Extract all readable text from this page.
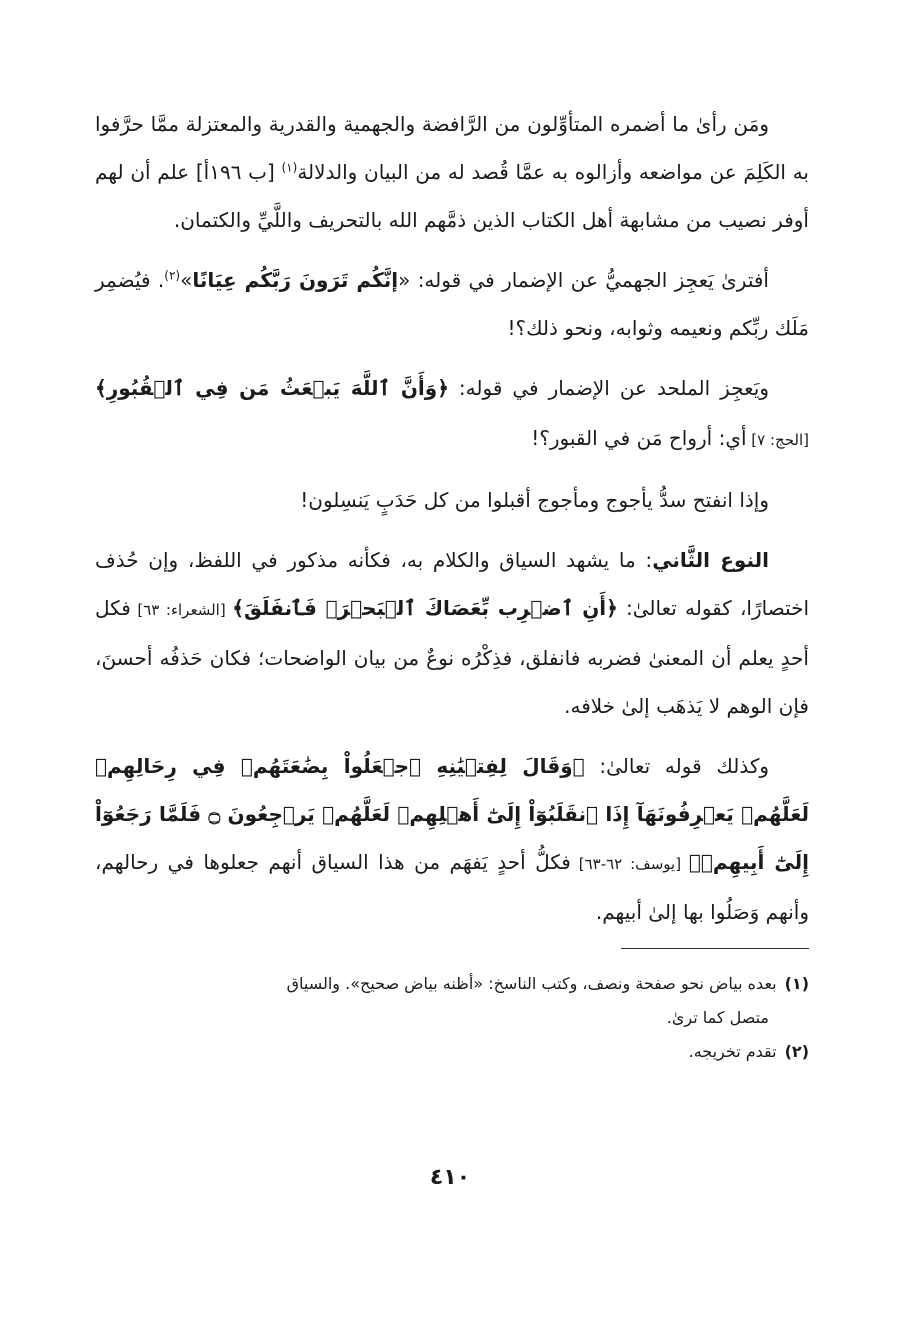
ومَن رأىٰ ما أضمره المتأوِّلون من الرَّافضة والجهمية والقدرية والمعتزلة ممَّا حرَّفوا به الكَلِمَ عن مواضعه وأزالوه به عمَّا قُصد له من البيان والدلالة$^{(١)}$ [ب ١٩٦أ] علم أن لهم أوفر نصيب من مشابهة أهل الكتاب الذين ذمَّهم الله بالتحريف واللَّيِّ والكتمان.

أفترىٰ يَعجِز الجهميُّ عن الإضمار في قوله: «إنَّكُم تَرَونَ رَبَّكُم عِيَانًا»$^{(٢)}$. فيُضمِر مَلَك ربِّكم ونعيمه وثوابه، ونحو ذلك؟!

ويَعجِز الملحد عن الإضمار في قوله: ﴿وَأَنَّ ٱللَّهَ يَبۡعَثُ مَن فِي ٱلۡقُبُورِ﴾ [الحج: ٧] أي: أرواح مَن في القبور؟!

وإذا انفتح سدُّ يأجوج ومأجوج أقبلوا من كل حَدَبٍ يَنسِلون!

النوع الثَّاني: ما يشهد السياق والكلام به، فكأنه مذكور في اللفظ، وإن حُذف اختصارًا، كقوله تعالىٰ: ﴿أَنِ ٱضۡرِب بِّعَصَاكَ ٱلۡبَحۡرَۖ فَٱنفَلَقَ﴾ [الشعراء: ٦٣] فكل أحدٍ يعلم أن المعنىٰ فضربه فانفلق، فذِكْرُه نوعٌ من بيان الواضحات؛ فكان حَذفُه أحسنَ، فإن الوهم لا يَذهَب إلىٰ خلافه.

وكذلك قوله تعالىٰ: ﴿وَقَالَ لِفِتۡيَٰنِهِ ٱجۡعَلُواْ بِضَٰعَتَهُمۡ فِي رِحَالِهِمۡ لَعَلَّهُمۡ يَعۡرِفُونَهَآ إِذَا ٱنقَلَبُوٓاْ إِلَىٰٓ أَهۡلِهِمۡ لَعَلَّهُمۡ يَرۡجِعُونَ ۝ فَلَمَّا رَجَعُوٓاْ إِلَىٰٓ أَبِيهِمۡ﴾ [يوسف: ٦٢-٦٣] فكلُّ أحدٍ يَفهَم من هذا السياق أنهم جعلوها في رحالهم، وأنهم وَصَلُوا بها إلىٰ أبيهم.

(١)بعده بياض نحو صفحة ونصف، وكتب الناسخ: «أظنه بياض صحيح». والسياق

متصل كما ترىٰ.

(٢)تقدم تخريجه.

٤١٠
